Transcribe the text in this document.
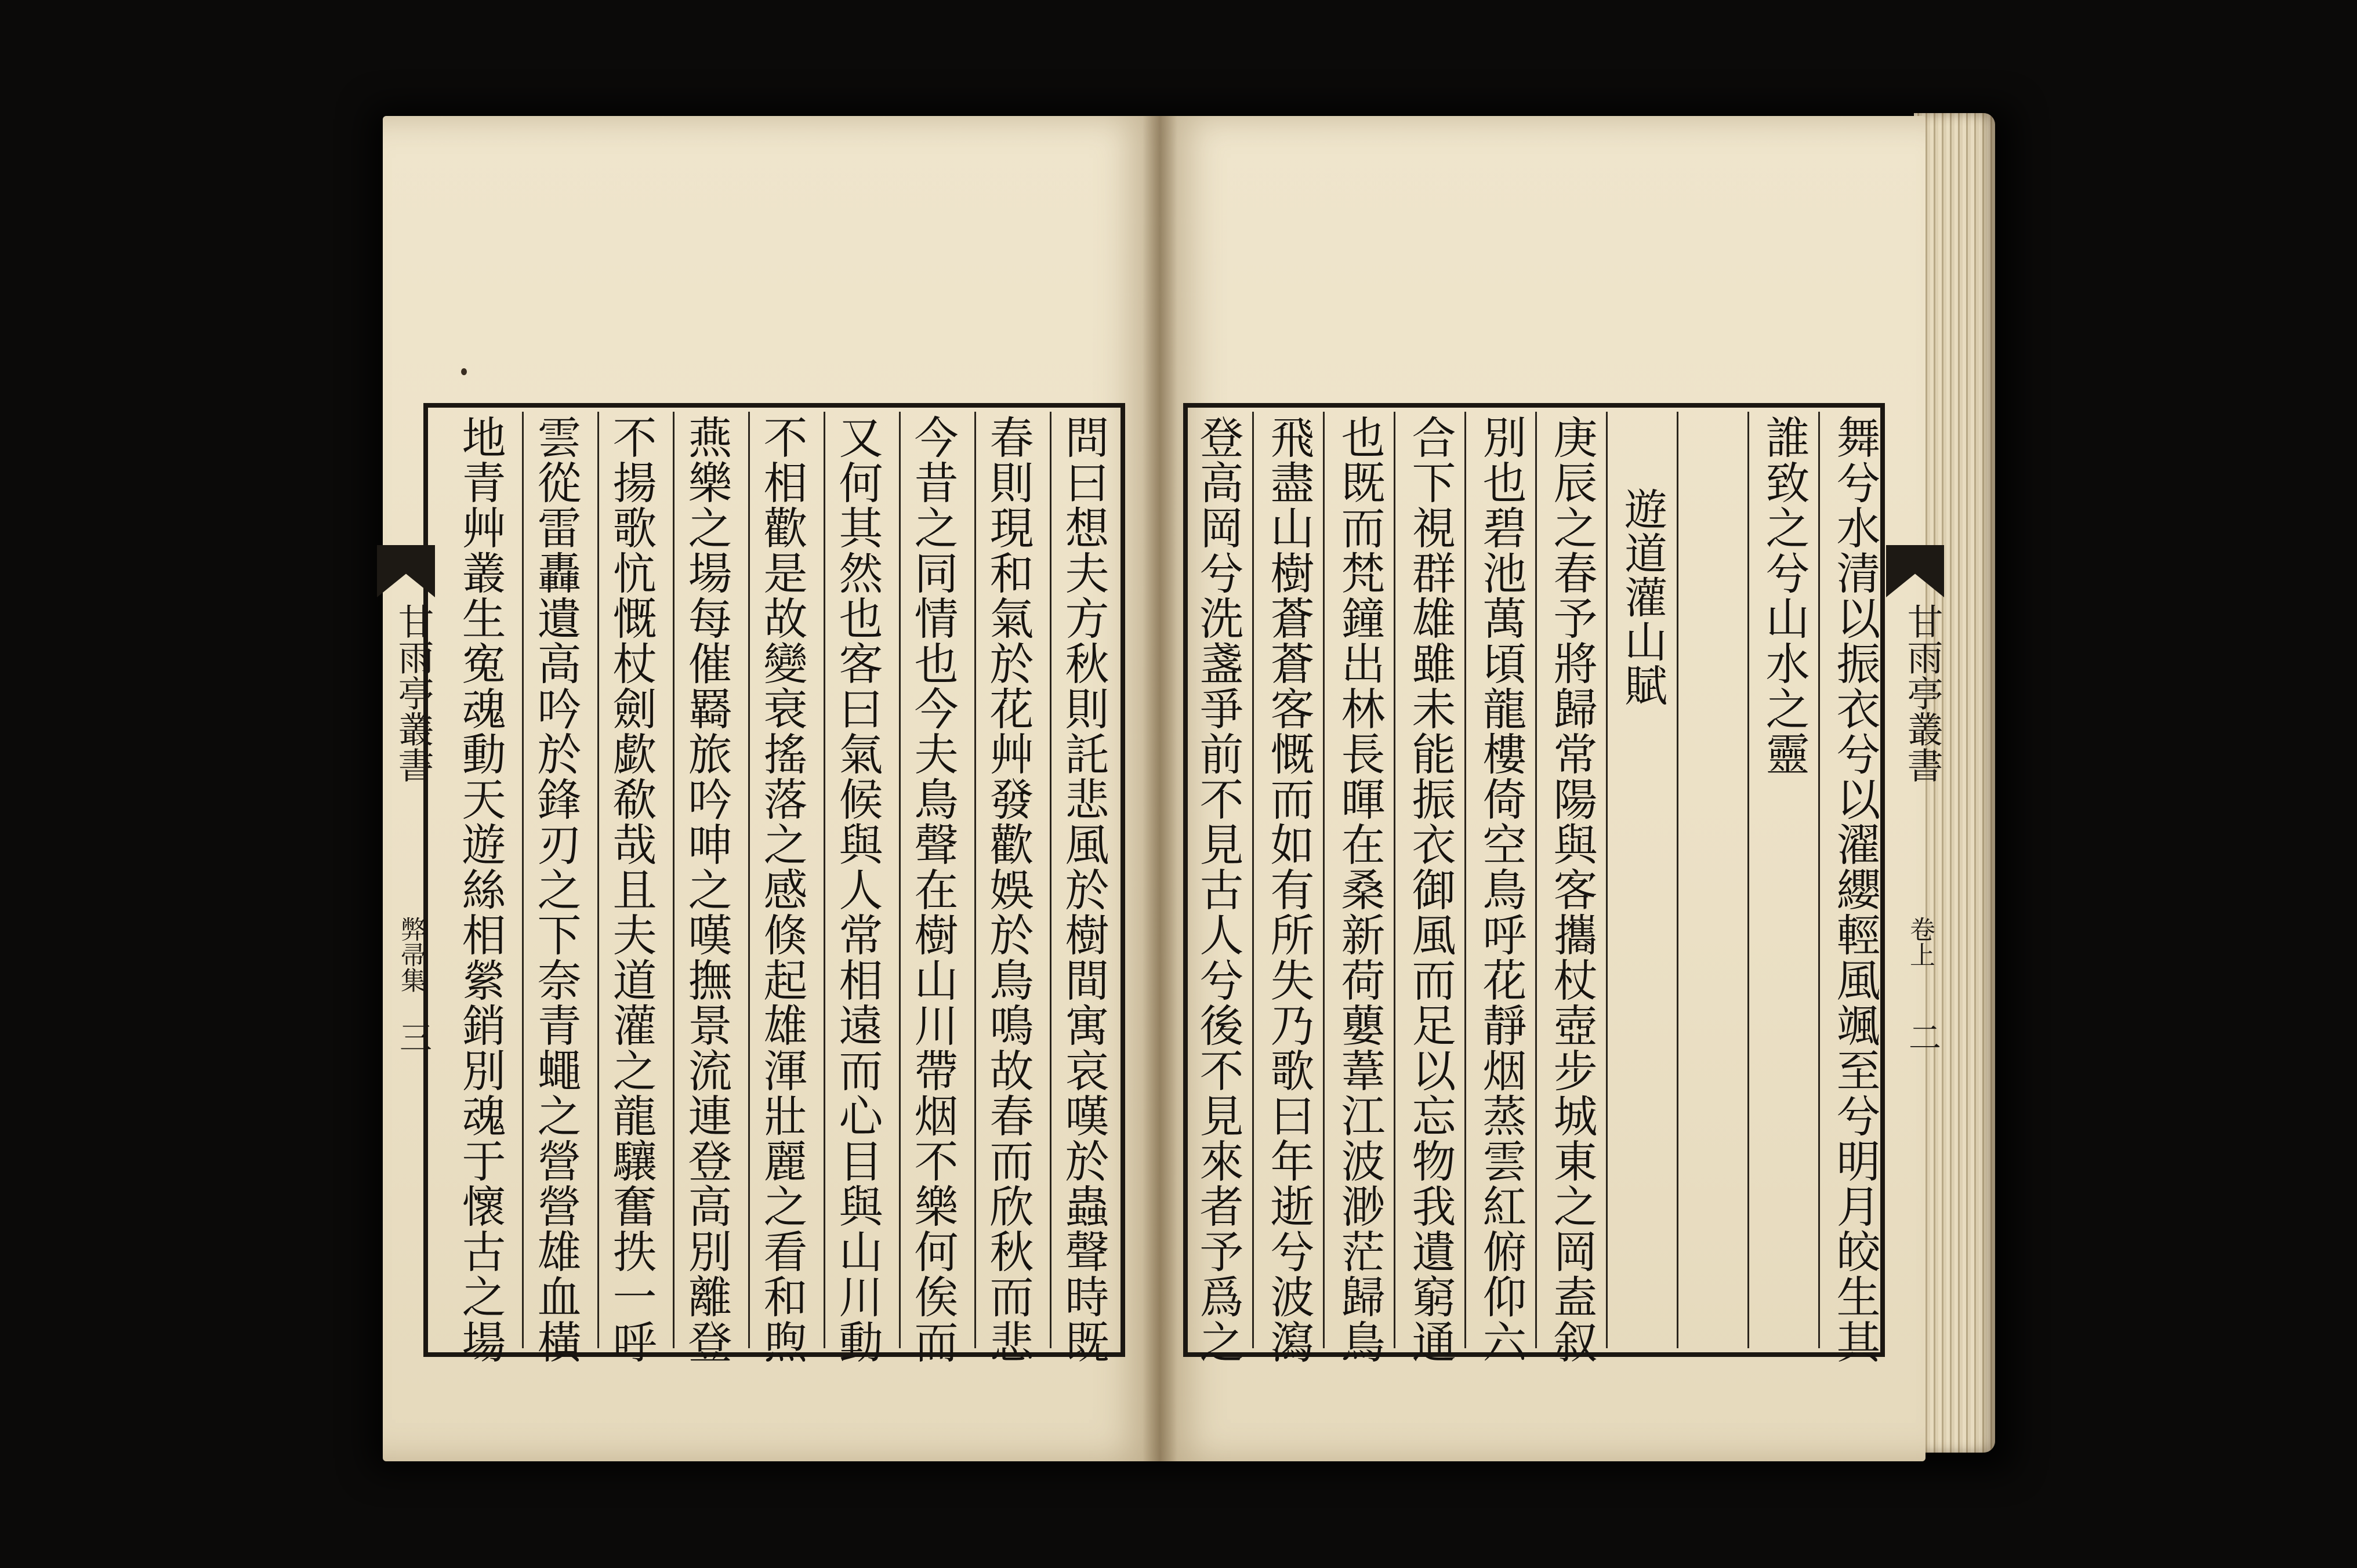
舞兮水清以振衣兮以濯纓輕風颯至兮明月皎生其
誰致之兮山水之靈
遊道灌山賦
庚辰之春予將歸常陽與客攜杖壺步城東之岡盍叙
別也碧池萬頃龍樓倚空鳥呼花靜烟蒸雲紅俯仰六
合下視群雄雖未能振衣御風而足以忘物我遺窮通
也既而梵鐘出林長暉在桑新荷蘡葦江波渺茫歸鳥
飛盡山樹蒼蒼客慨而如有所失乃歌曰年逝兮波瀉
登高岡兮洗盞爭前不見古人兮後不見來者予爲之
問曰想夫方秋則託悲風於樹間寓哀嘆於蟲聲時既
春則現和氣於花艸發歡娛於鳥鳴故春而欣秋而悲
今昔之同情也今夫鳥聲在樹山川帶烟不樂何俟而
又何其然也客曰氣候與人常相遠而心目與山川動
不相歡是故變衰搖落之感倏起雄渾壯麗之看和煦
燕樂之場每催羇旅吟呻之嘆撫景流連登高別離登
不揚歌忼慨杖劍歔欷哉且夫道灌之龍驤奮抶一呼
雲從雷轟遺高吟於鋒刃之下奈青蠅之營營雄血橫
地青艸叢生寃魂動天遊絲相縈銷別魂于懷古之場	甘雨亭叢書
卷上
二
甘雨亭叢書
弊帚集
三
